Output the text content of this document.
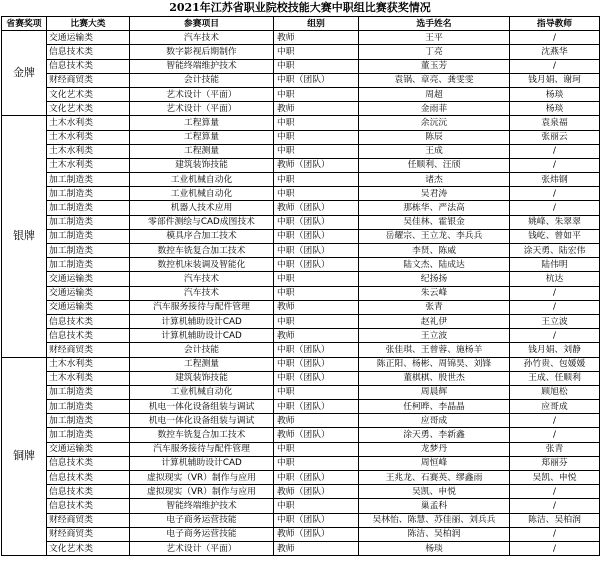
2021年江苏省职业院校技能大赛中职组比赛获奖情况
省赛奖项	比赛大类	参赛项目	组别	选手姓名	指导教师
金牌	交通运输类	汽车技术	教师	王平	/
	信息技术类	数字影视后期制作	中职	丁亮	沈燕华
	信息技术类	智能终端维护技术	中职	董玉芳	/
	财经商贸类	会计技能	中职（团队）	袁锅、章亮、龚雯雯	钱月娟、谢珂
	文化艺术类	艺术设计（平面）	中职	周超	杨琰
	文化艺术类	艺术设计（平面）	教师	金雨菲	杨琰
银牌	土木水利类	工程算量	中职	余沅沅	袁泉福
	土木水利类	工程算量	中职	陈辰	张丽云
	土木水利类	工程测量	中职	王成	/
	土木水利类	建筑装饰技能	教师（团队）	任顺利、汪颀	/
	加工制造类	工业机械自动化	中职	诸杰	张炜钢
	加工制造类	工业机械自动化	中职	吴君涛	/
	加工制造类	机器人技术应用	教师（团队）	那栋华、严法高	/
	加工制造类	零部件测绘与CAD成图技术	中职（团队）	吴佳林、霍银金	姚峰、朱翠翠
	加工制造类	模具序合加工技术	中职（团队）	岳耀宗、王立龙、李兵兵	钱屹、曾如平
	加工制造类	数控车铣复合加工技术	中职（团队）	李贤、陈威	涂天勇、陆宏伟
	加工制造类	数控机床装调及智能化	中职（团队）	陆文杰、陆成达	陆伟明
	交通运输类	汽车技术	中职	纪扬扬	杭达
	交通运输类	汽车技术	中职	朱云峰	/
	交通运输类	汽车服务接待与配件管理	教师	张青	/
	信息技术类	计算机辅助设计CAD	中职	赵礼伊	王立波
	信息技术类	计算机辅助设计CAD	教师	王立波	/
	财经商贸类	会计技能	中职（团队）	张佳琪、王曾蓉、施杨羊	钱月娟、刘静
铜牌	土木水利类	工程测量	中职（团队）	陈正阳、杨彬、周锦昊、刘锋	孙竹贵、包媛媛
	土木水利类	建筑装饰技能	中职（团队）	董棋棋、殷世杰	王成、任顺利
	加工制造类	工业机械自动化	中职	周晨辉	顾旭松
	加工制造类	机电一体化设备组装与调试	中职（团队）	任柯晔、李晶晶	应哥成
	加工制造类	机电一体化设备组装与调试	教师	应哥成	/
	加工制造类	数控车铣复合加工技术	教师（团队）	涂天勇、李新鑫	/
	交通运输类	汽车服务接待与配件管理	中职	龙梦丹	张青
	信息技术类	计算机辅助设计CAD	中职	周恒峰	郑丽芬
	信息技术类	虚拟现实（VR）制作与应用	中职（团队）	王兆龙、石赛英、缪鑫雨	吴凯、申悦
	信息技术类	虚拟现实（VR）制作与应用	教师（团队）	吴凯、申悦	/
	信息技术类	智能终端维护技术	中职	巢孟科	/
	财经商贸类	电子商务运营技能	中职（团队）	吴林怡、陈慧、苏佳丽、刘兵兵	陈洁、吴柏润
	财经商贸类	电子商务运营技能	教师（团队）	陈洁、吴柏润	/
	文化艺术类	艺术设计（平面）	教师	杨琰	/
